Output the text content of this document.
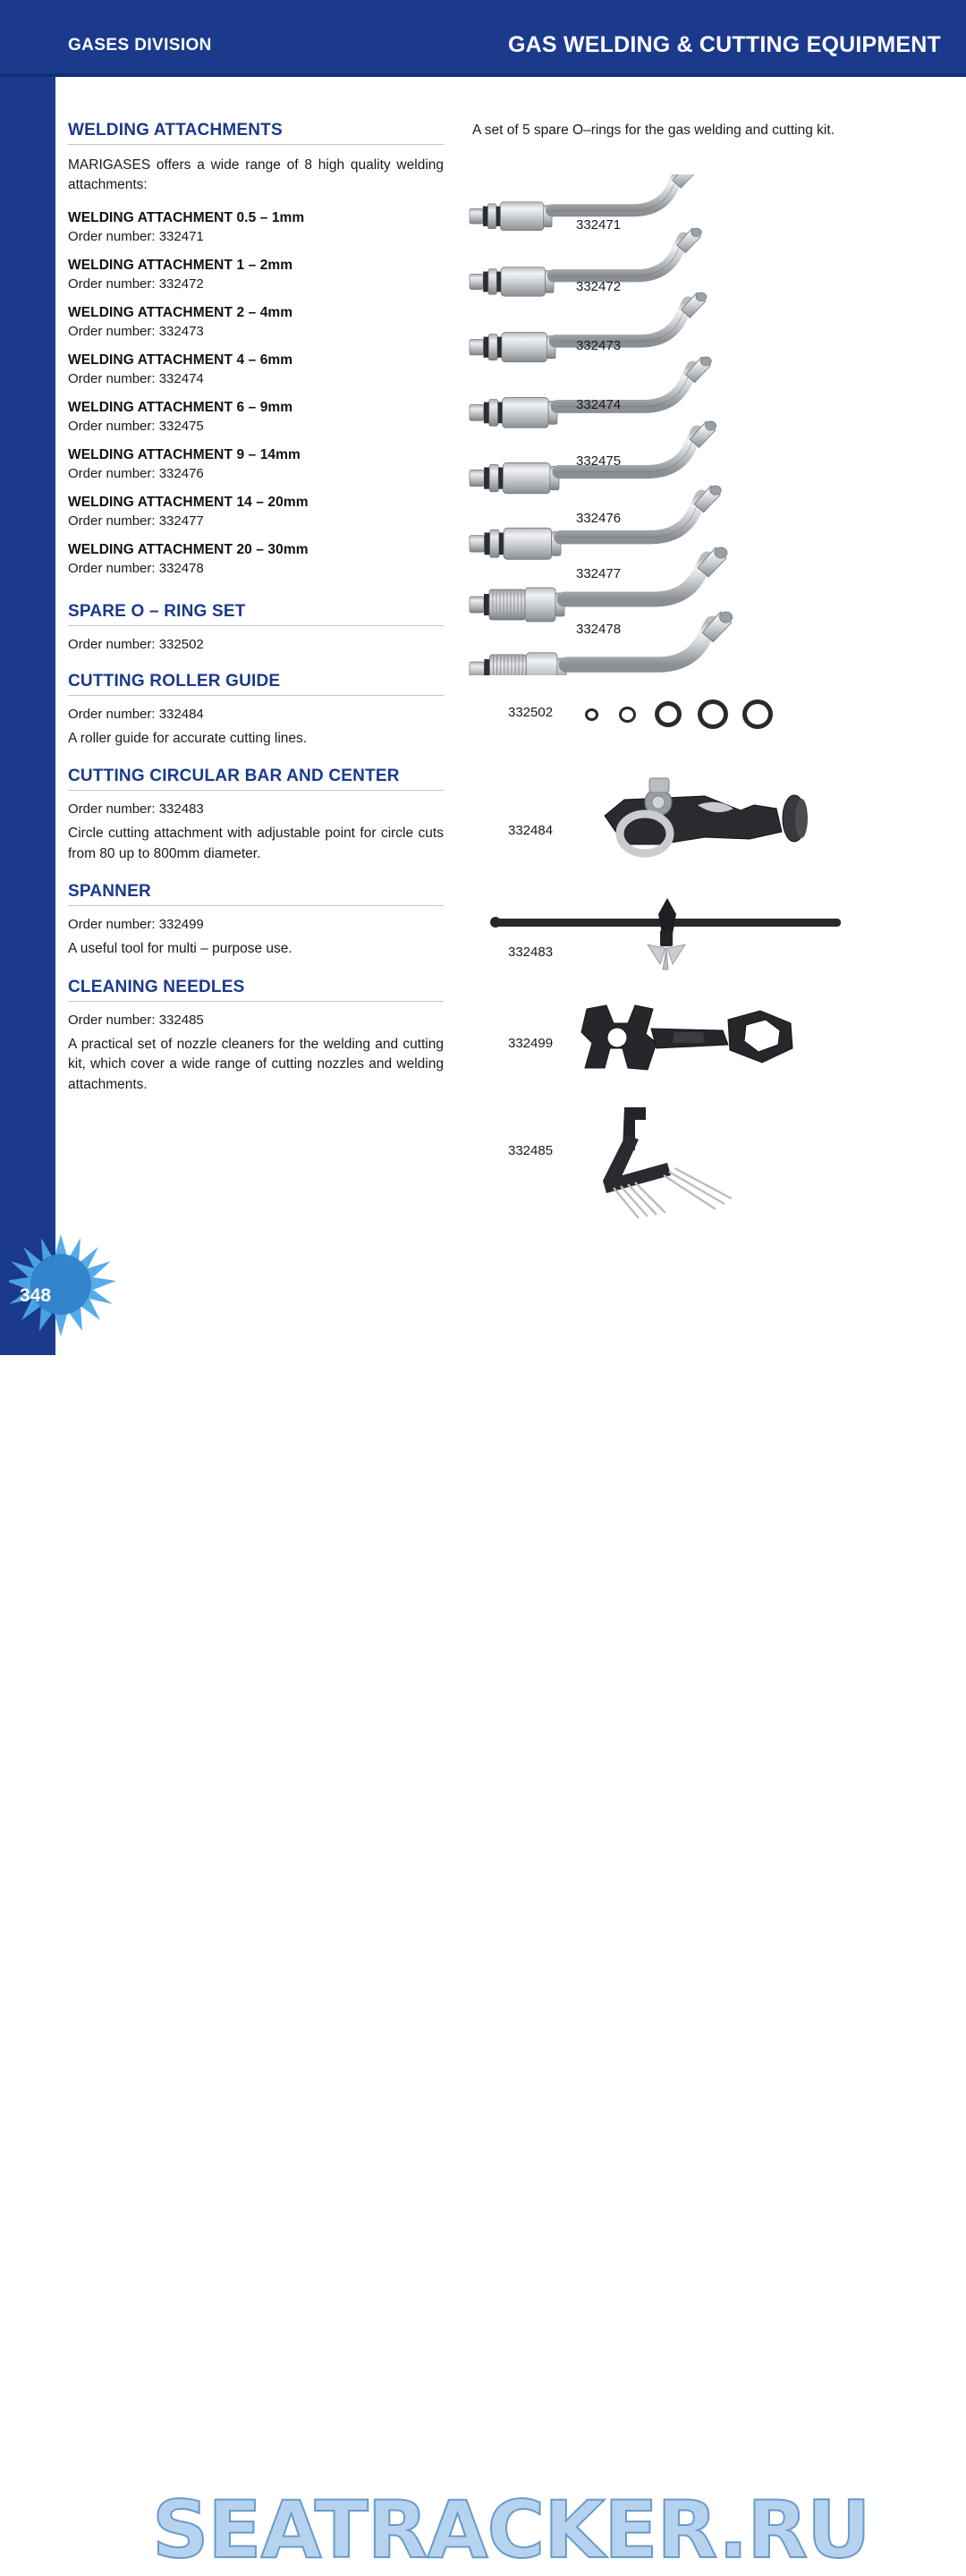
GASES DIVISION	GAS WELDING & CUTTING EQUIPMENT
WELDING ATTACHMENTS

MARIGASES offers a wide range of 8 high quality welding attachments:

WELDING ATTACHMENT 0.5 – 1mm
Order number: 332471
WELDING ATTACHMENT 1 – 2mm
Order number: 332472
WELDING ATTACHMENT 2 – 4mm
Order number: 332473
WELDING ATTACHMENT 4 – 6mm
Order number: 332474
WELDING ATTACHMENT 6 – 9mm
Order number: 332475
WELDING ATTACHMENT 9 – 14mm
Order number: 332476
WELDING ATTACHMENT 14 – 20mm
Order number: 332477
WELDING ATTACHMENT 20 – 30mm
Order number: 332478
SPARE O – RING SET

Order number: 332502

CUTTING ROLLER GUIDE

Order number: 332484

A roller guide for accurate cutting lines.

CUTTING CIRCULAR BAR AND CENTER

Order number: 332483

Circle cutting attachment with adjustable point for circle cuts from 80 up to 800mm diameter.

SPANNER

Order number: 332499

A useful tool for multi – purpose use.

CLEANING NEEDLES

Order number: 332485

A practical set of nozzle cleaners for the welding and cutting kit, which cover a wide range of cutting nozzles and welding attachments.

A set of 5 spare O–rings for the gas welding and cutting kit.

332471
332472
332473
332474
332475
332476
332477
332478
332502
332484
332483
332499
332485
348
SEATRACKER.RU
